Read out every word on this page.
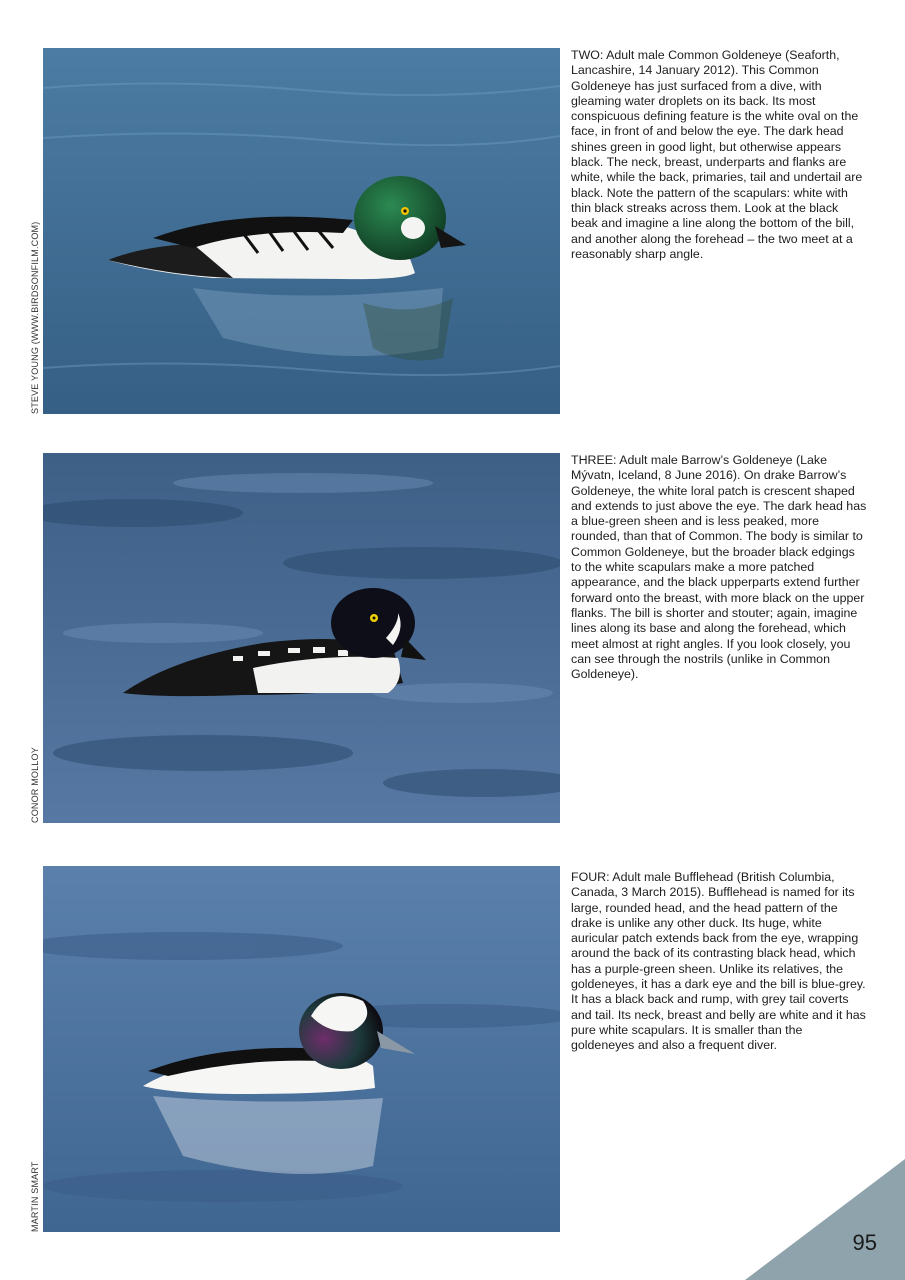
STEVE YOUNG (WWW.BIRDSONFILM.COM)
TWO: Adult male Common Goldeneye (Seaforth, Lancashire, 14 January 2012). This Common Goldeneye has just surfaced from a dive, with gleaming water droplets on its back. Its most conspicuous defining feature is the white oval on the face, in front of and below the eye. The dark head shines green in good light, but otherwise appears black. The neck, breast, underparts and flanks are white, while the back, primaries, tail and undertail are black. Note the pattern of the scapulars: white with thin black streaks across them. Look at the black beak and imagine a line along the bottom of the bill, and another along the forehead – the two meet at a reasonably sharp angle.
CONOR MOLLOY
THREE: Adult male Barrow’s Goldeneye (Lake Mývatn, Iceland, 8 June 2016). On drake Barrow’s Goldeneye, the white loral patch is crescent shaped and extends to just above the eye. The dark head has a blue-green sheen and is less peaked, more rounded, than that of Common. The body is similar to Common Goldeneye, but the broader black edgings to the white scapulars make a more patched appearance, and the black upperparts extend further forward onto the breast, with more black on the upper flanks. The bill is shorter and stouter; again, imagine lines along its base and along the forehead, which meet almost at right angles. If you look closely, you can see through the nostrils (unlike in Common Goldeneye).
MARTIN SMART
FOUR: Adult male Bufflehead (British Columbia, Canada, 3 March 2015). Bufflehead is named for its large, rounded head, and the head pattern of the drake is unlike any other duck. Its huge, white auricular patch extends back from the eye, wrapping around the back of its contrasting black head, which has a purple-green sheen. Unlike its relatives, the goldeneyes, it has a dark eye and the bill is blue-grey. It has a black back and rump, with grey tail coverts and tail. Its neck, breast and belly are white and it has pure white scapulars. It is smaller than the goldeneyes and also a frequent diver.
95
